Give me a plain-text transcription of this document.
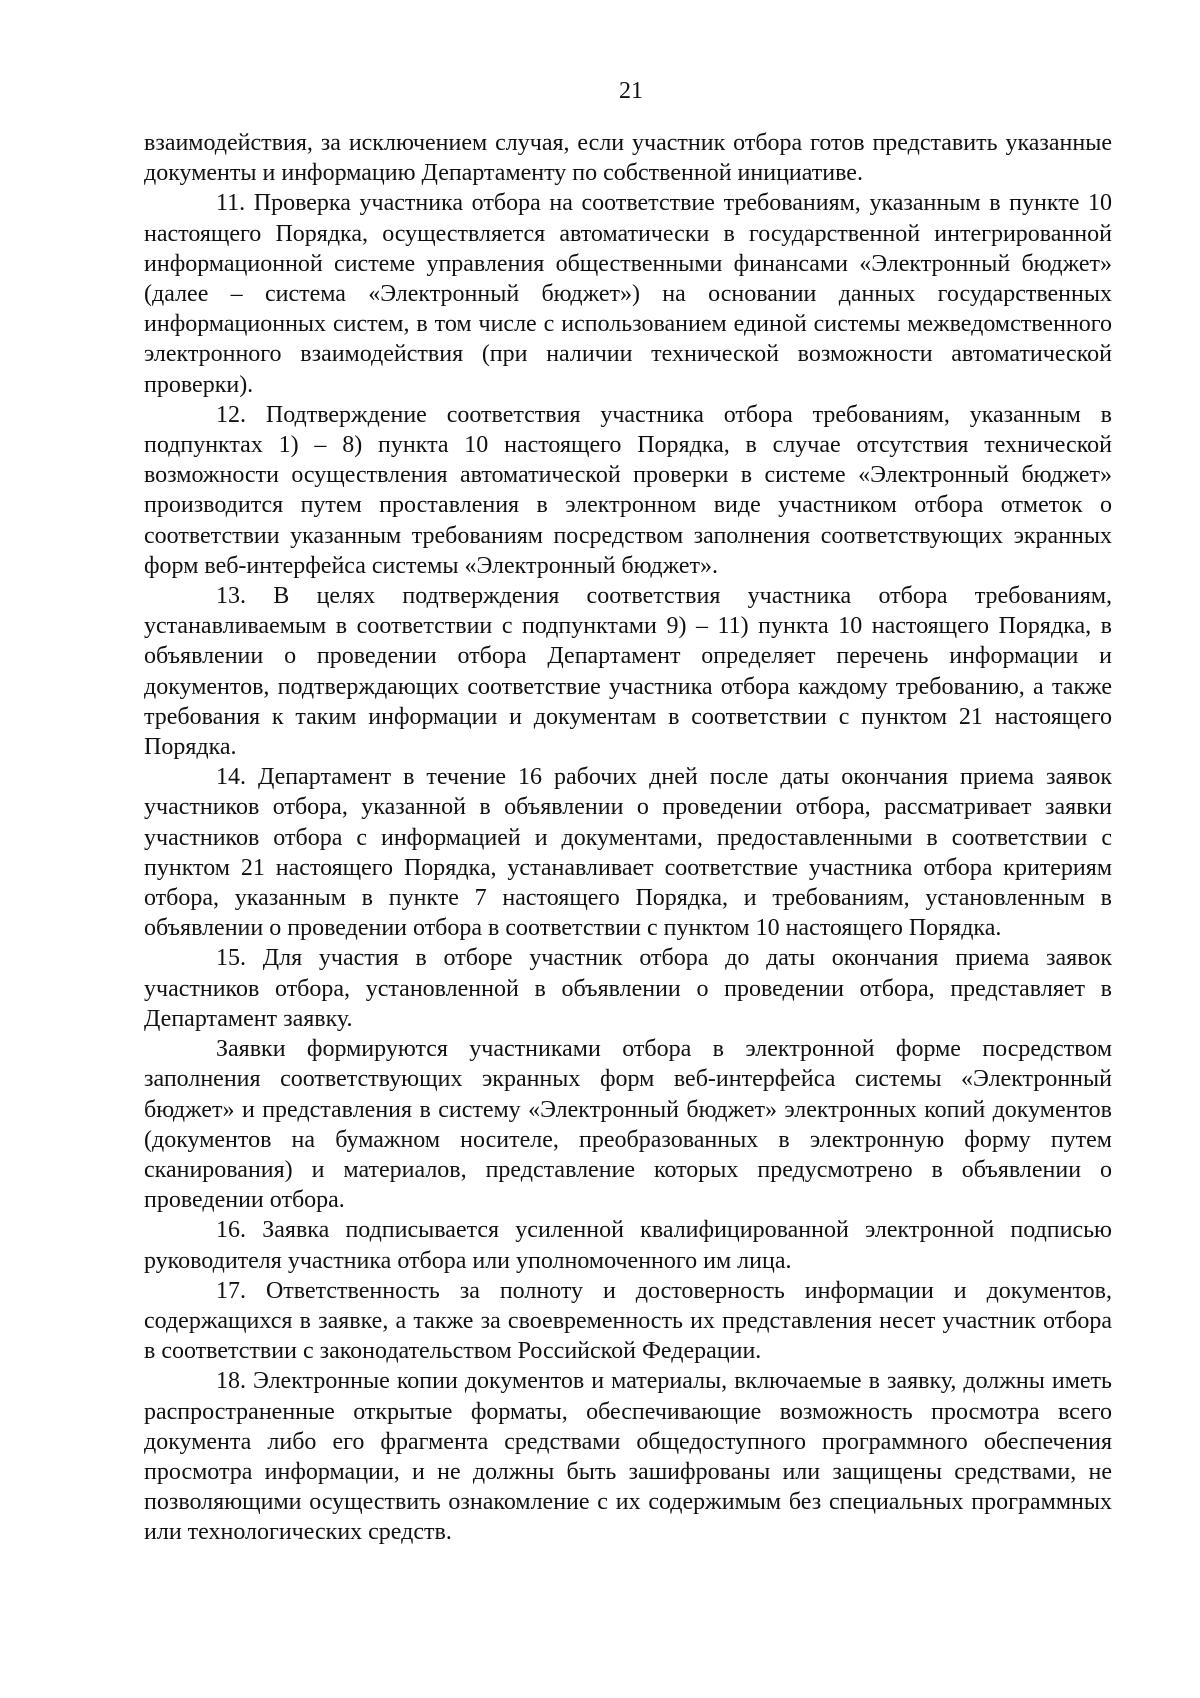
21

взаимодействия, за исключением случая, если участник отбора готов представить указанные документы и информацию Департаменту по собственной инициативе.

11. Проверка участника отбора на соответствие требованиям, указанным в пункте 10 настоящего Порядка, осуществляется автоматически в государственной интегрированной информационной системе управления общественными финансами «Электронный бюджет» (далее – система «Электронный бюджет») на основании данных государственных информационных систем, в том числе с использованием единой системы межведомственного электронного взаимодействия (при наличии технической возможности автоматической проверки).

12. Подтверждение соответствия участника отбора требованиям, указанным в подпунктах 1) – 8) пункта 10 настоящего Порядка, в случае отсутствия технической возможности осуществления автоматической проверки в системе «Электронный бюджет» производится путем проставления в электронном виде участником отбора отметок о соответствии указанным требованиям посредством заполнения соответствующих экранных форм веб-интерфейса системы «Электронный бюджет».

13. В целях подтверждения соответствия участника отбора требованиям, устанавливаемым в соответствии с подпунктами 9) – 11) пункта 10 настоящего Порядка, в объявлении о проведении отбора Департамент определяет перечень информации и документов, подтверждающих соответствие участника отбора каждому требованию, а также требования к таким информации и документам в соответствии с пунктом 21 настоящего Порядка.

14. Департамент в течение 16 рабочих дней после даты окончания приема заявок участников отбора, указанной в объявлении о проведении отбора, рассматривает заявки участников отбора с информацией и документами, предоставленными в соответствии с пунктом 21 настоящего Порядка, устанавливает соответствие участника отбора критериям отбора, указанным в пункте 7 настоящего Порядка, и требованиям, установленным в объявлении о проведении отбора в соответствии с пунктом 10 настоящего Порядка.

15. Для участия в отборе участник отбора до даты окончания приема заявок участников отбора, установленной в объявлении о проведении отбора, представляет в Департамент заявку.

Заявки формируются участниками отбора в электронной форме посредством заполнения соответствующих экранных форм веб-интерфейса системы «Электронный бюджет» и представления в систему «Электронный бюджет» электронных копий документов (документов на бумажном носителе, преобразованных в электронную форму путем сканирования) и материалов, представление которых предусмотрено в объявлении о проведении отбора.

16. Заявка подписывается усиленной квалифицированной электронной подписью руководителя участника отбора или уполномоченного им лица.

17. Ответственность за полноту и достоверность информации и документов, содержащихся в заявке, а также за своевременность их представления несет участник отбора в соответствии с законодательством Российской Федерации.

18. Электронные копии документов и материалы, включаемые в заявку, должны иметь распространенные открытые форматы, обеспечивающие возможность просмотра всего документа либо его фрагмента средствами общедоступного программного обеспечения просмотра информации, и не должны быть зашифрованы или защищены средствами, не позволяющими осуществить ознакомление с их содержимым без специальных программных или технологических средств.
